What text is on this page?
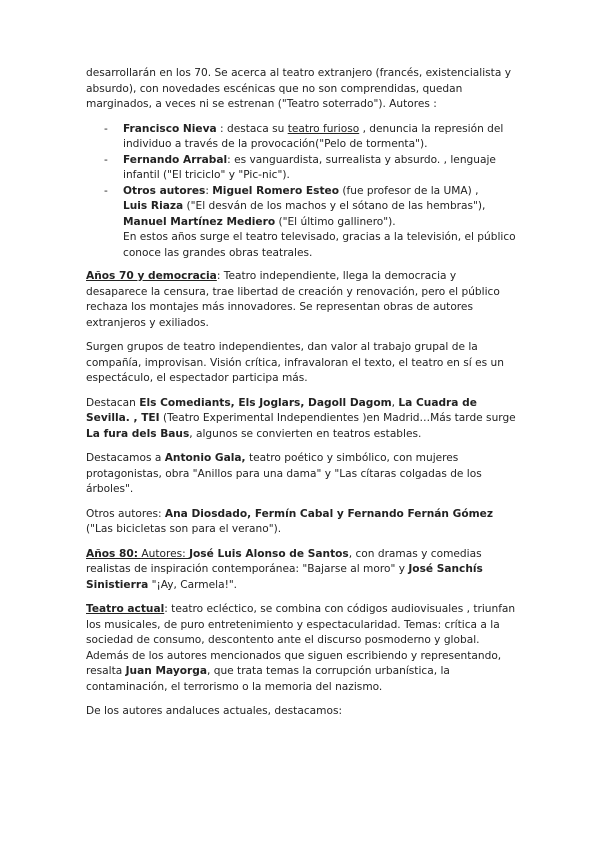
desarrollarán en los 70. Se acerca al teatro extranjero (francés, existencialista y absurdo), con novedades escénicas que no son comprendidas, quedan marginados, a veces ni se estrenan ("Teatro soterrado"). Autores :

- Francisco Nieva : destaca su teatro furioso , denuncia la represión del individuo a través de la provocación("Pelo de tormenta").
- Fernando Arrabal: es vanguardista, surrealista y absurdo. , lenguaje infantil ("El triciclo" y "Pic-nic").
- Otros autores: Miguel Romero Esteo (fue profesor de la UMA) ,
Luis Riaza ("El desván de los machos y el sótano de las hembras"),
Manuel Martínez Mediero ("El último gallinero").
En estos años surge el teatro televisado, gracias a la televisión, el público conoce las grandes obras teatrales.

Años 70 y democracia: Teatro independiente, llega la democracia y desaparece la censura, trae libertad de creación y renovación, pero el público rechaza los montajes más innovadores. Se representan obras de autores extranjeros y exiliados.

Surgen grupos de teatro independientes, dan valor al trabajo grupal de la compañía, improvisan. Visión crítica, infravaloran el texto, el teatro en sí es un espectáculo, el espectador participa más.

Destacan Els Comediants, Els Joglars, Dagoll Dagom, La Cuadra de Sevilla. , TEI (Teatro Experimental Independientes )en Madrid…Más tarde surge La fura dels Baus, algunos se convierten en teatros estables.

Destacamos a Antonio Gala, teatro poético y simbólico, con mujeres protagonistas, obra "Anillos para una dama" y "Las cítaras colgadas de los árboles".

Otros autores: Ana Diosdado, Fermín Cabal y Fernando Fernán Gómez ("Las bicicletas son para el verano").

Años 80: Autores: José Luis Alonso de Santos, con dramas y comedias realistas de inspiración contemporánea: "Bajarse al moro" y José Sanchís Sinistierra "¡Ay, Carmela!".

Teatro actual: teatro ecléctico, se combina con códigos audiovisuales , triunfan los musicales, de puro entretenimiento y espectacularidad. Temas: crítica a la sociedad de consumo, descontento ante el discurso posmoderno y global. Además de los autores mencionados que siguen escribiendo y representando, resalta Juan Mayorga, que trata temas la corrupción urbanística, la contaminación, el terrorismo o la memoria del nazismo.

De los autores andaluces actuales, destacamos:
